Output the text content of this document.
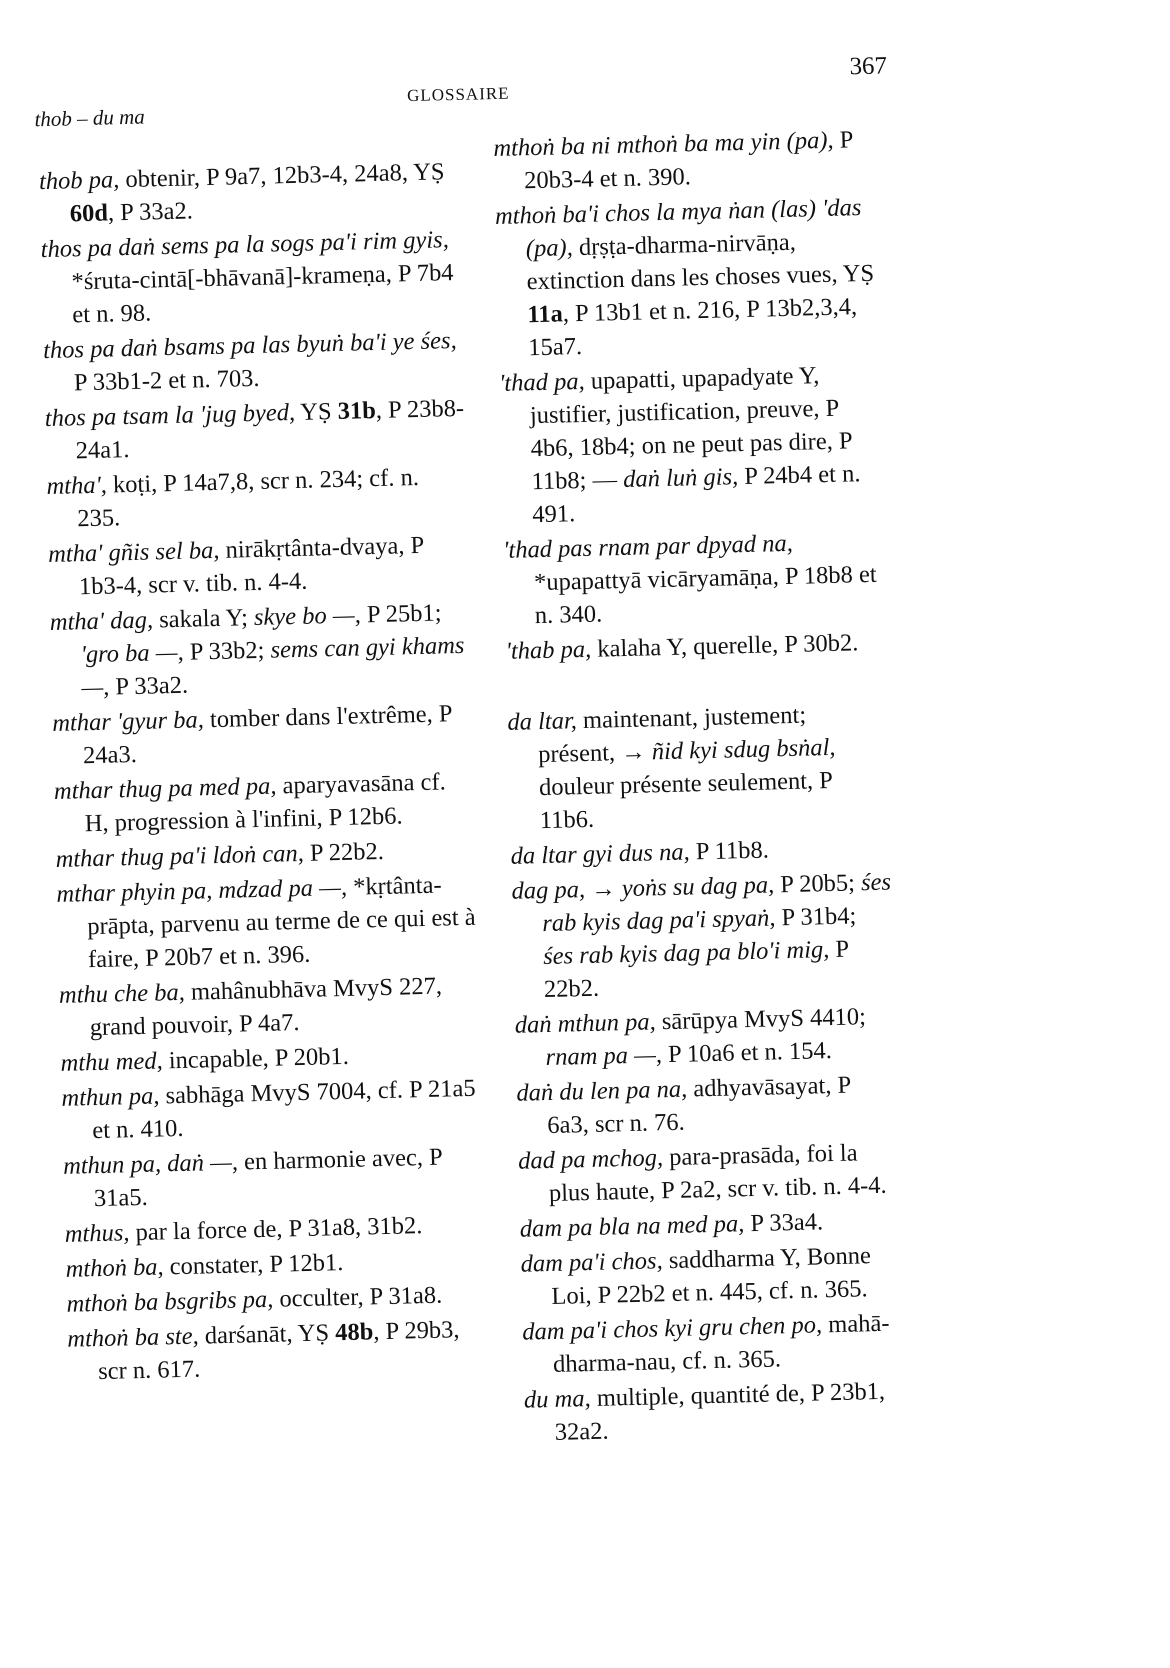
thob – du ma
GLOSSAIRE
367

thob pa, obtenir, P 9a7, 12b3-4, 24a8, YṢ 60d, P 33a2.

thos pa daṅ sems pa la sogs pa'i rim gyis, *śruta-cintā[-bhāvanā]-krameṇa, P 7b4 et n. 98.

thos pa daṅ bsams pa las byuṅ ba'i ye śes, P 33b1-2 et n. 703.

thos pa tsam la 'jug byed, YṢ 31b, P 23b8-24a1.

mtha', koṭi, P 14a7,8, scr n. 234; cf. n. 235.

mtha' gñis sel ba, nirākṛtânta-dvaya, P 1b3-4, scr v. tib. n. 4-4.

mtha' dag, sakala Y; skye bo —, P 25b1; 'gro ba —, P 33b2; sems can gyi khams —, P 33a2.

mthar 'gyur ba, tomber dans l'extrême, P 24a3.

mthar thug pa med pa, aparyavasāna cf. H, progression à l'infini, P 12b6.

mthar thug pa'i ldoṅ can, P 22b2.

mthar phyin pa, mdzad pa —, *kṛtânta-prāpta, parvenu au terme de ce qui est à faire, P 20b7 et n. 396.

mthu che ba, mahânubhāva MvyS 227, grand pouvoir, P 4a7.

mthu med, incapable, P 20b1.

mthun pa, sabhāga MvyS 7004, cf. P 21a5 et n. 410.

mthun pa, daṅ —, en harmonie avec, P 31a5.

mthus, par la force de, P 31a8, 31b2.

mthoṅ ba, constater, P 12b1.

mthoṅ ba bsgribs pa, occulter, P 31a8.

mthoṅ ba ste, darśanāt, YṢ 48b, P 29b3, scr n. 617.

mthoṅ ba ni mthoṅ ba ma yin (pa), P 20b3-4 et n. 390.

mthoṅ ba'i chos la mya ṅan (las) 'das (pa), dṛṣṭa-dharma-nirvāṇa, extinction dans les choses vues, YṢ 11a, P 13b1 et n. 216, P 13b2,3,4, 15a7.

'thad pa, upapatti, upapadyate Y, justifier, justification, preuve, P 4b6, 18b4; on ne peut pas dire, P 11b8; — daṅ luṅ gis, P 24b4 et n. 491.

'thad pas rnam par dpyad na, *upapattyā vicāryamāṇa, P 18b8 et n. 340.

'thab pa, kalaha Y, querelle, P 30b2.

da ltar, maintenant, justement; présent, → ñid kyi sdug bsṅal, douleur présente seulement, P 11b6.

da ltar gyi dus na, P 11b8.

dag pa, → yoṅs su dag pa, P 20b5; śes rab kyis dag pa'i spyaṅ, P 31b4; śes rab kyis dag pa blo'i mig, P 22b2.

daṅ mthun pa, sārūpya MvyS 4410; rnam pa —, P 10a6 et n. 154.

daṅ du len pa na, adhyavāsayat, P 6a3, scr n. 76.

dad pa mchog, para-prasāda, foi la plus haute, P 2a2, scr v. tib. n. 4-4.

dam pa bla na med pa, P 33a4.

dam pa'i chos, saddharma Y, Bonne Loi, P 22b2 et n. 445, cf. n. 365.

dam pa'i chos kyi gru chen po, mahā-dharma-nau, cf. n. 365.

du ma, multiple, quantité de, P 23b1, 32a2.
